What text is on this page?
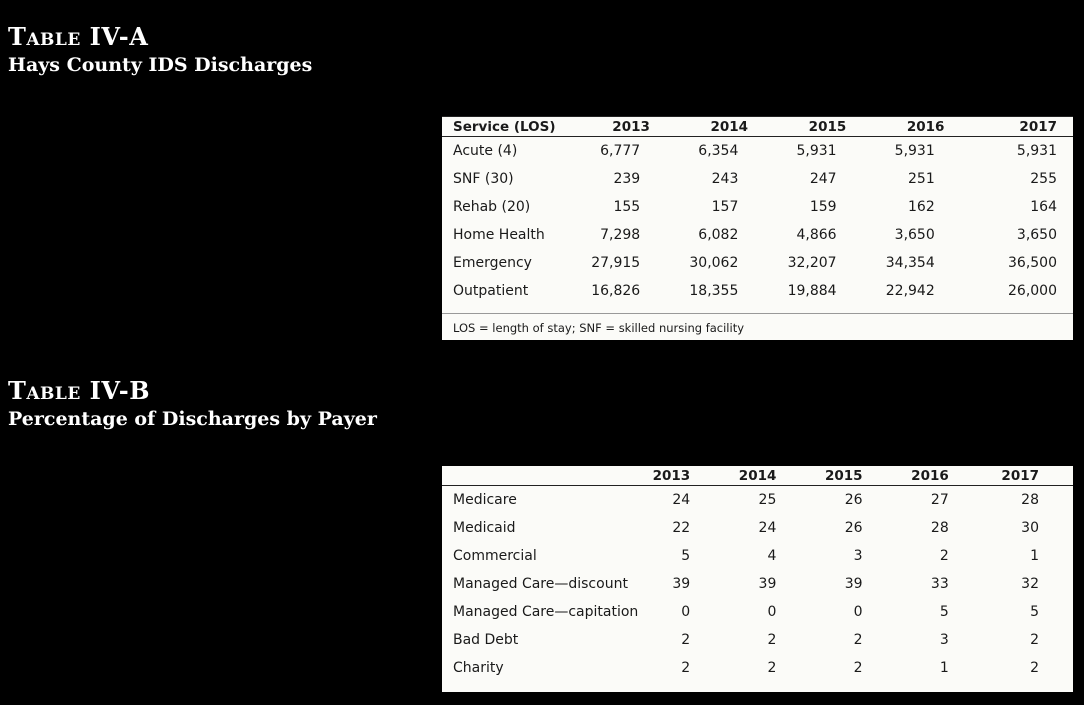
Table IV-A
Hays County IDS Discharges
Service (LOS)	2013	2014	2015	2016	2017
Acute (4)	6,777	6,354	5,931	5,931	5,931
SNF (30)	239	243	247	251	255
Rehab (20)	155	157	159	162	164
Home Health	7,298	6,082	4,866	3,650	3,650
Emergency	27,915	30,062	32,207	34,354	36,500
Outpatient	16,826	18,355	19,884	22,942	26,000
LOS = length of stay; SNF = skilled nursing facility
Table IV-B
Percentage of Discharges by Payer
	2013	2014	2015	2016	2017
Medicare	24	25	26	27	28
Medicaid	22	24	26	28	30
Commercial	5	4	3	2	1
Managed Care—discount	39	39	39	33	32
Managed Care—capitation	0	0	0	5	5
Bad Debt	2	2	2	3	2
Charity	2	2	2	1	2
